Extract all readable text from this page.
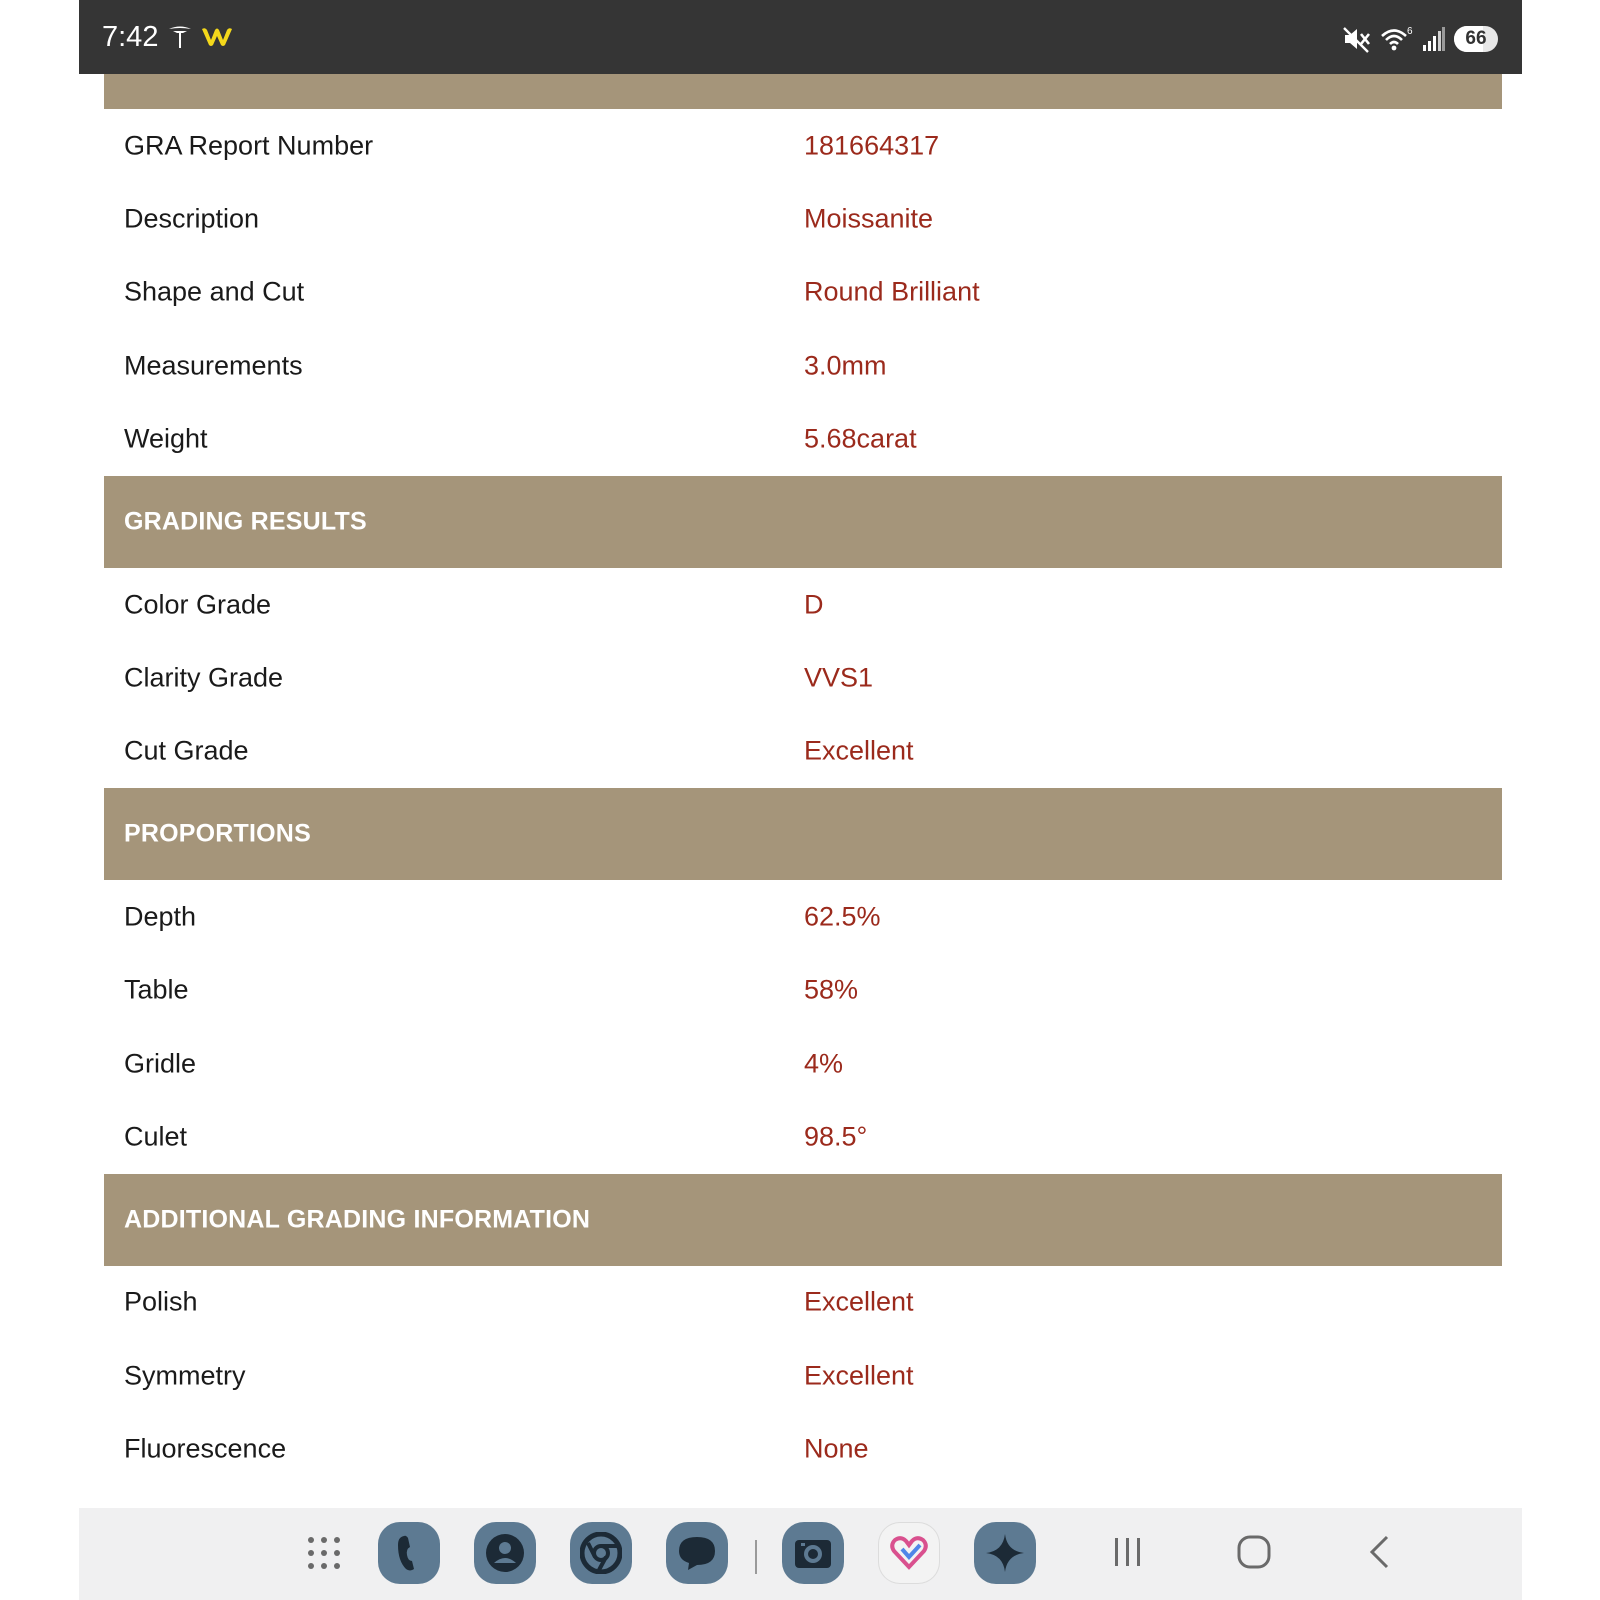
7:42	6	66
GRA Report Number	181664317
Description	Moissanite
Shape and Cut	Round Brilliant
Measurements	3.0mm
Weight	5.68carat
GRADING RESULTS
Color Grade	D
Clarity Grade	VVS1
Cut Grade	Excellent
PROPORTIONS
Depth	62.5%
Table	58%
Gridle	4%
Culet	98.5°
ADDITIONAL GRADING INFORMATION
Polish	Excellent
Symmetry	Excellent
Fluorescence	None
